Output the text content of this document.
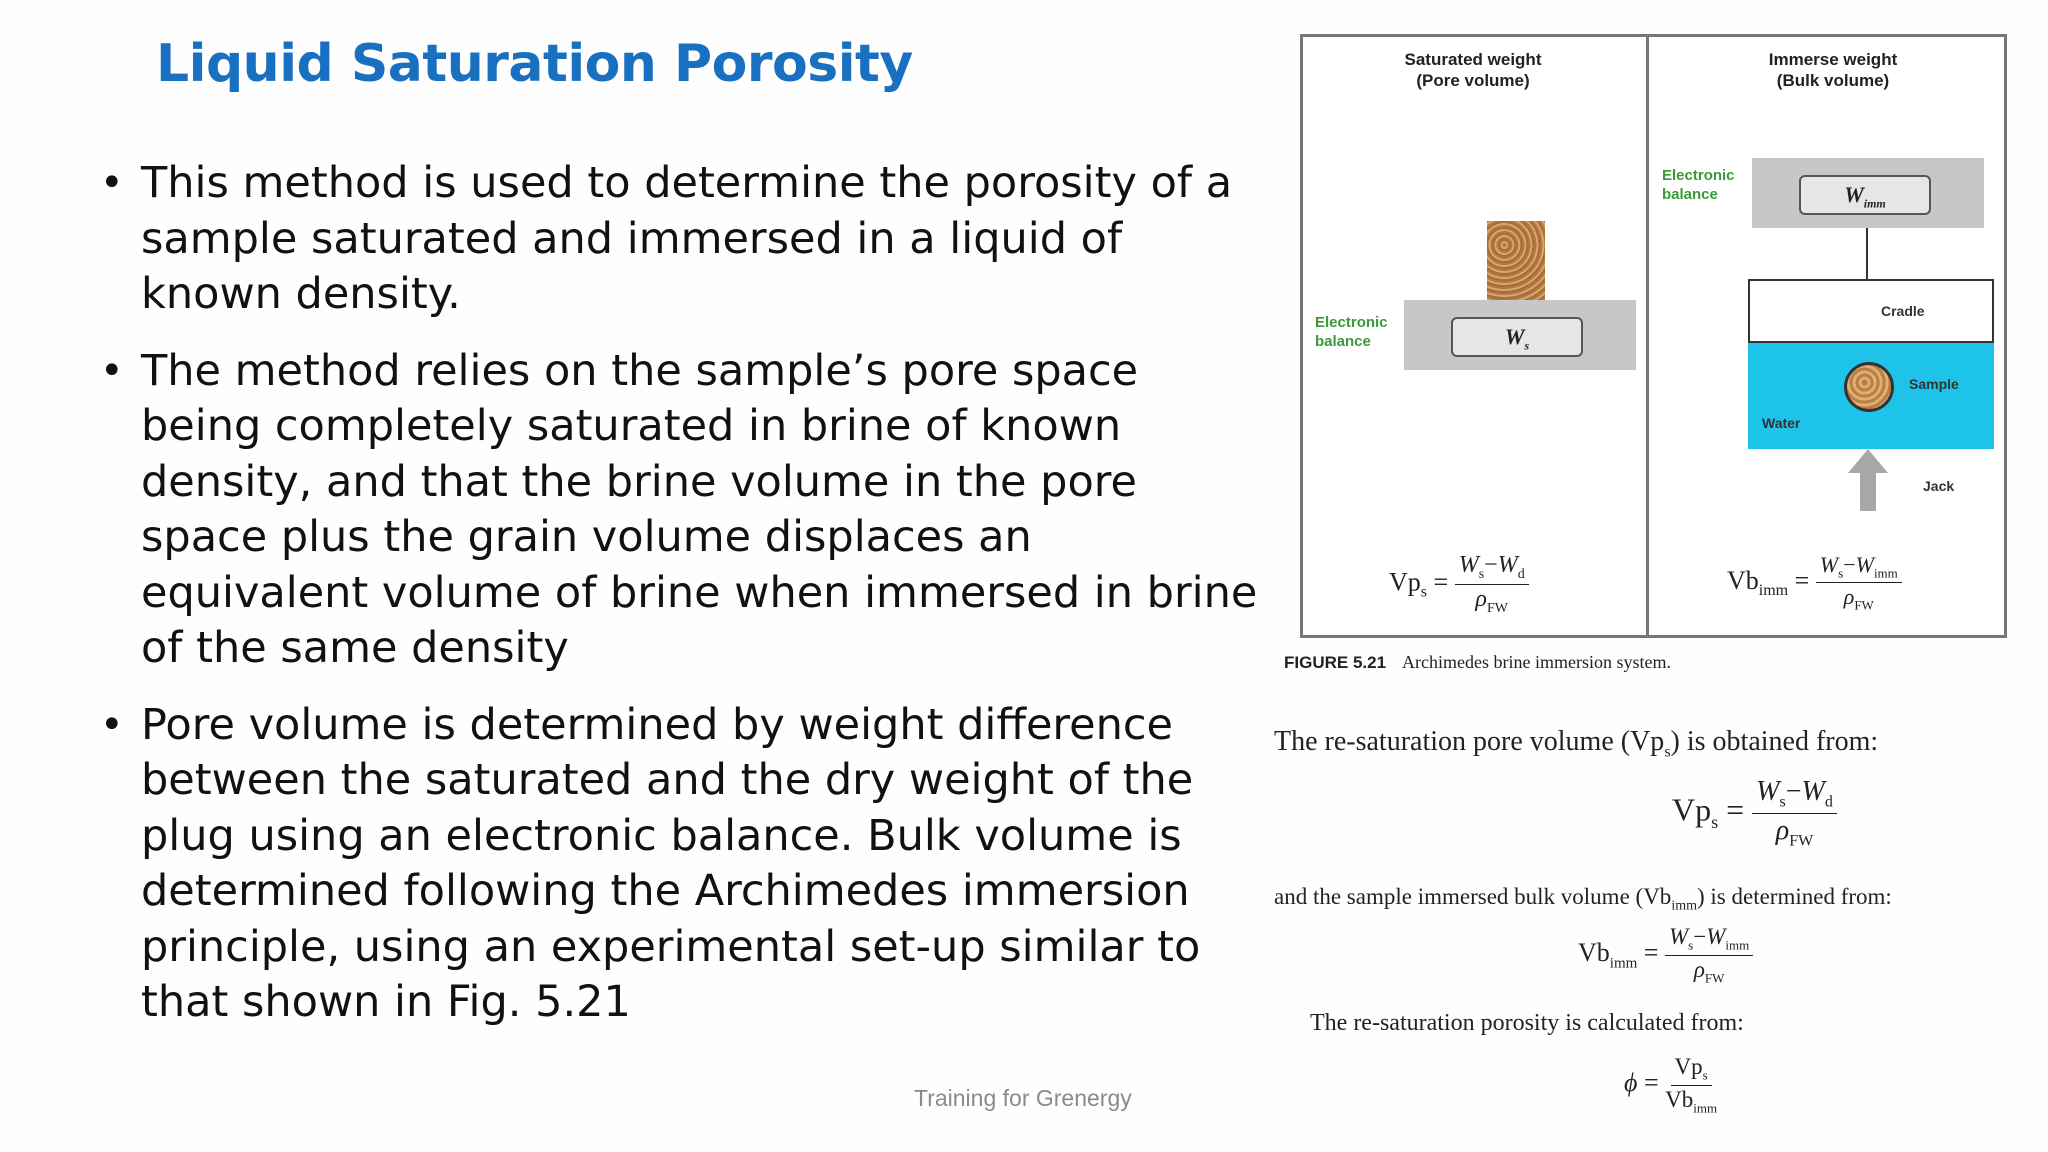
Liquid Saturation Porosity
• This method is used to determine the porosity of a sample saturated and immersed in a liquid of known density.
• The method relies on the sample’s pore space being completely saturated in brine of known density, and that the brine volume in the pore space plus the grain volume displaces an equivalent volume of brine when immersed in brine of the same density
• Pore volume is determined by weight difference between the saturated and the dry weight of the plug using an electronic balance. Bulk volume is determined following the Archimedes immersion principle, using an experimental set-up similar to that shown in Fig. 5.21
Training for Grenergy
Saturated weight
(Pore volume)
$W_s$
Electronic
balance
$Vp_s = \frac{W_s-W_d}{\rho_{FW}}$
Immerse weight
(Bulk volume)
$W_{imm}$
Electronic
balance
Cradle
Sample
Water
Jack
$Vb_{imm} = \frac{W_s-W_{imm}}{\rho_{FW}}$
FIGURE 5.21 Archimedes brine immersion system.
The re-saturation pore volume $(Vp_s)$ is obtained from:
$Vp_s = \frac{W_s-W_d}{\rho_{FW}}$
and the sample immersed bulk volume $(Vb_{imm})$ is determined from:
$Vb_{imm} = \frac{W_s-W_{imm}}{\rho_{FW}}$
The re-saturation porosity is calculated from:
$\phi = \frac{Vp_s}{Vb_{imm}}$
